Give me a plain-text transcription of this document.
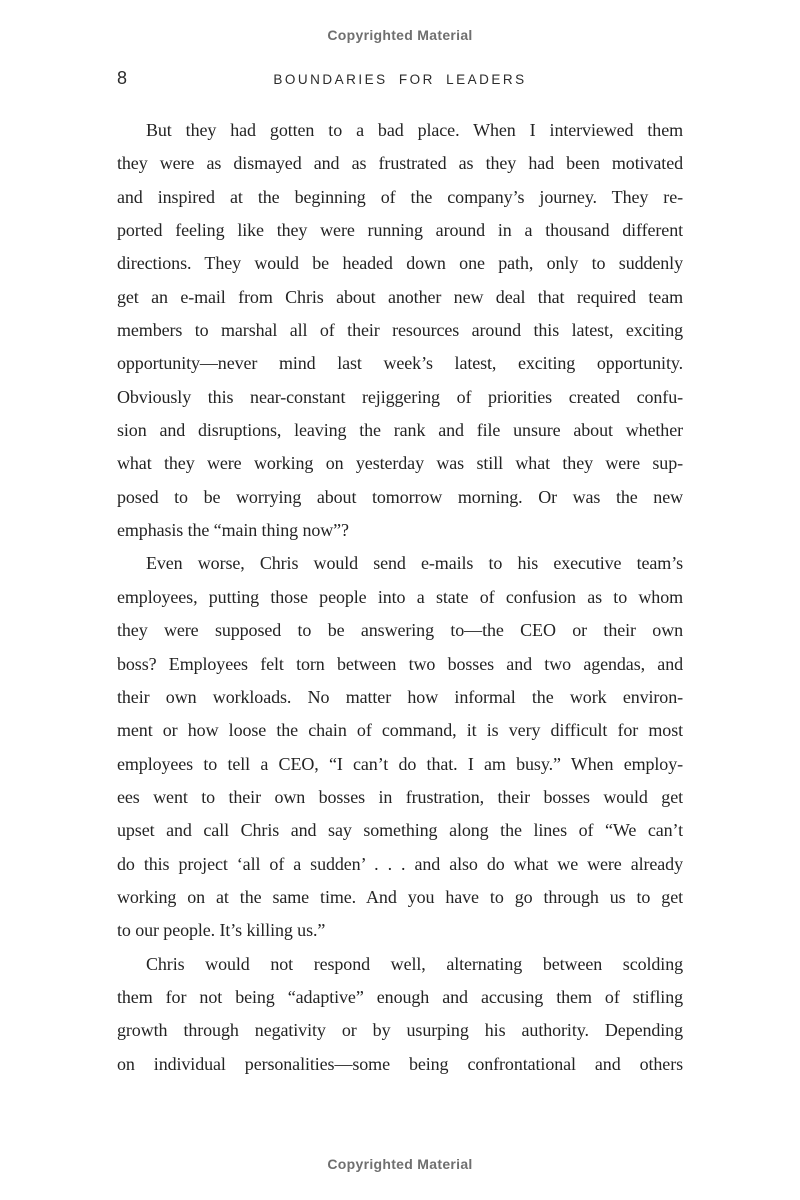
Copyrighted Material
8	BOUNDARIES FOR LEADERS
But they had gotten to a bad place. When I interviewed them
they were as dismayed and as frustrated as they had been motivated
and inspired at the beginning of the company’s journey. They re-
ported feeling like they were running around in a thousand different
directions. They would be headed down one path, only to suddenly
get an e-mail from Chris about another new deal that required team
members to marshal all of their resources around this latest, exciting
opportunity—never mind last week’s latest, exciting opportunity.
Obviously this near-constant rejiggering of priorities created confu-
sion and disruptions, leaving the rank and file unsure about whether
what they were working on yesterday was still what they were sup-
posed to be worrying about tomorrow morning. Or was the new
emphasis the “main thing now”?
Even worse, Chris would send e-mails to his executive team’s
employees, putting those people into a state of confusion as to whom
they were supposed to be answering to—the CEO or their own
boss? Employees felt torn between two bosses and two agendas, and
their own workloads. No matter how informal the work environ-
ment or how loose the chain of command, it is very difficult for most
employees to tell a CEO, “I can’t do that. I am busy.” When employ-
ees went to their own bosses in frustration, their bosses would get
upset and call Chris and say something along the lines of “We can’t
do this project ‘all of a sudden’ . . . and also do what we were already
working on at the same time. And you have to go through us to get
to our people. It’s killing us.”
Chris would not respond well, alternating between scolding
them for not being “adaptive” enough and accusing them of stifling
growth through negativity or by usurping his authority. Depending
on individual personalities—some being confrontational and others
Copyrighted Material
